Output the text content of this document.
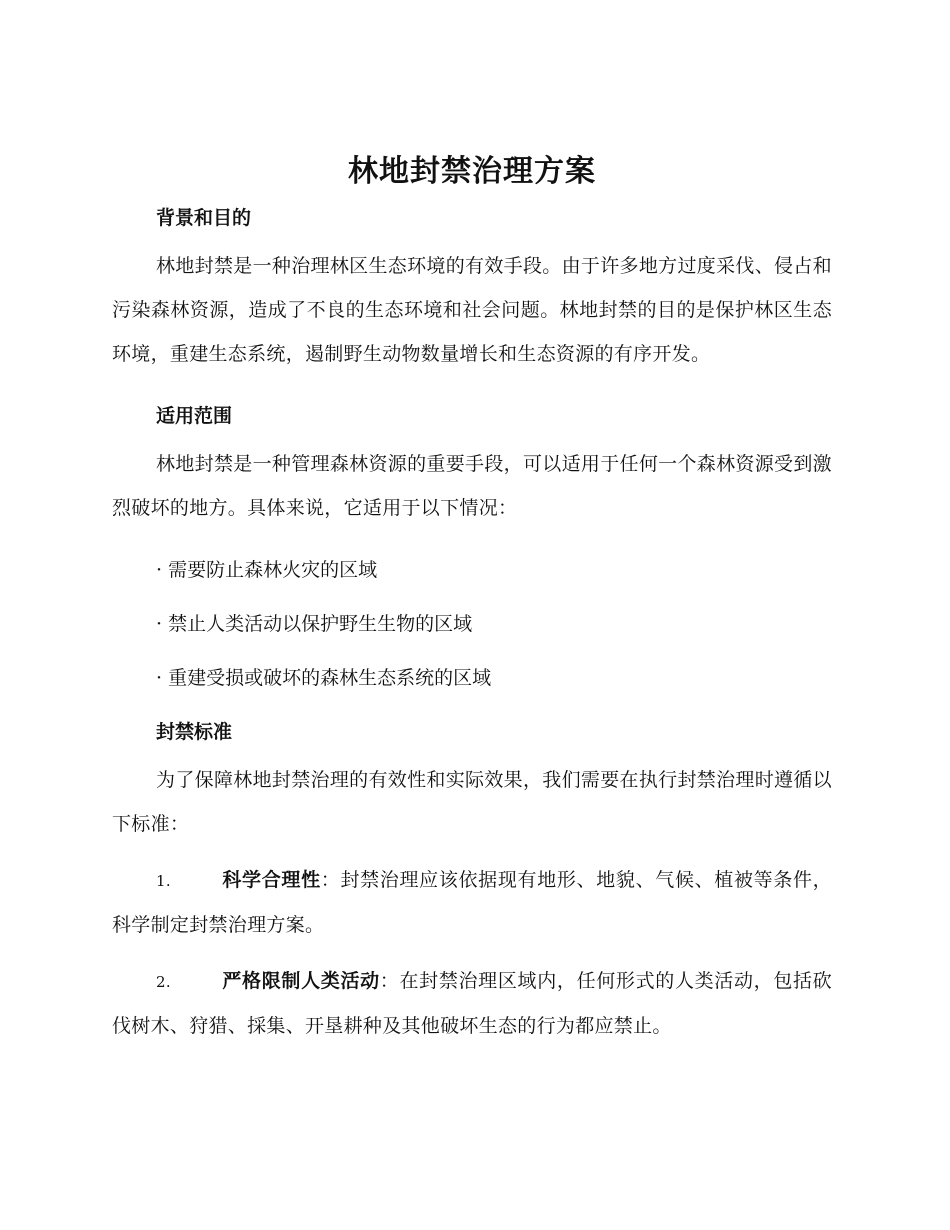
林地封禁治理方案
背景和目的

林地封禁是一种治理林区生态环境的有效手段。由于许多地方过度采伐、侵占和污染森林资源，造成了不良的生态环境和社会问题。林地封禁的目的是保护林区生态环境，重建生态系统，遏制野生动物数量增长和生态资源的有序开发。

适用范围

林地封禁是一种管理森林资源的重要手段，可以适用于任何一个森林资源受到激烈破坏的地方。具体来说，它适用于以下情况：

· 需要防止森林火灾的区域
· 禁止人类活动以保护野生生物的区域
· 重建受损或破坏的森林生态系统的区域
封禁标准

为了保障林地封禁治理的有效性和实际效果，我们需要在执行封禁治理时遵循以下标准：

1.	科学合理性：封禁治理应该依据现有地形、地貌、气候、植被等条件，科学制定封禁治理方案。

2.	严格限制人类活动：在封禁治理区域内，任何形式的人类活动，包括砍伐树木、狩猎、採集、开垦耕种及其他破坏生态的行为都应禁止。
